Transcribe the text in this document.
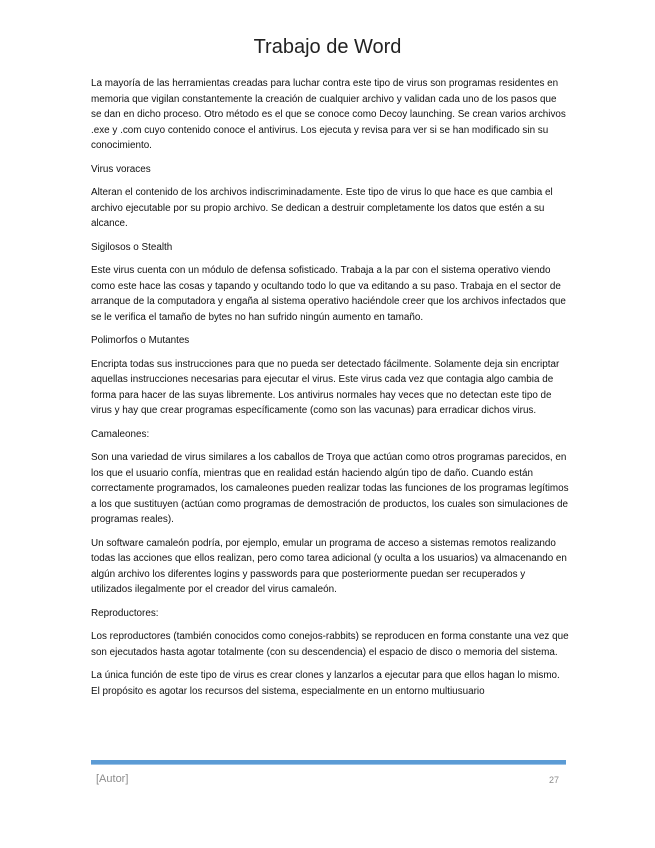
Trabajo de Word

La mayoría de las herramientas creadas para luchar contra este tipo de virus son programas residentes en memoria que vigilan constantemente la creación de cualquier archivo y validan cada uno de los pasos que se dan en dicho proceso. Otro método es el que se conoce como Decoy launching. Se crean varios archivos .exe y .com cuyo contenido conoce el antivirus. Los ejecuta y revisa para ver si se han modificado sin su conocimiento.

Virus voraces

Alteran el contenido de los archivos indiscriminadamente. Este tipo de virus lo que hace es que cambia el archivo ejecutable por su propio archivo. Se dedican a destruir completamente los datos que estén a su alcance.

Sigilosos o Stealth

Este virus cuenta con un módulo de defensa sofisticado. Trabaja a la par con el sistema operativo viendo como este hace las cosas y tapando y ocultando todo lo que va editando a su paso. Trabaja en el sector de arranque de la computadora y engaña al sistema operativo haciéndole creer que los archivos infectados que se le verifica el tamaño de bytes no han sufrido ningún aumento en tamaño.

Polimorfos o Mutantes

Encripta todas sus instrucciones para que no pueda ser detectado fácilmente. Solamente deja sin encriptar aquellas instrucciones necesarias para ejecutar el virus. Este virus cada vez que contagia algo cambia de forma para hacer de las suyas libremente. Los antivirus normales hay veces que no detectan este tipo de virus y hay que crear programas específicamente (como son las vacunas) para erradicar dichos virus.

Camaleones:

Son una variedad de virus similares a los caballos de Troya que actúan como otros programas parecidos, en los que el usuario confía, mientras que en realidad están haciendo algún tipo de daño. Cuando están correctamente programados, los camaleones pueden realizar todas las funciones de los programas legítimos a los que sustituyen (actúan como programas de demostración de productos, los cuales son simulaciones de programas reales).

Un software camaleón podría, por ejemplo, emular un programa de acceso a sistemas remotos realizando todas las acciones que ellos realizan, pero como tarea adicional (y oculta a los usuarios) va almacenando en algún archivo los diferentes logins y passwords para que posteriormente puedan ser recuperados y utilizados ilegalmente por el creador del virus camaleón.

Reproductores:

Los reproductores (también conocidos como conejos-rabbits) se reproducen en forma constante una vez que son ejecutados hasta agotar totalmente (con su descendencia) el espacio de disco o memoria del sistema.

La única función de este tipo de virus es crear clones y lanzarlos a ejecutar para que ellos hagan lo mismo. El propósito es agotar los recursos del sistema, especialmente en un entorno multiusuario

[Autor]	27
